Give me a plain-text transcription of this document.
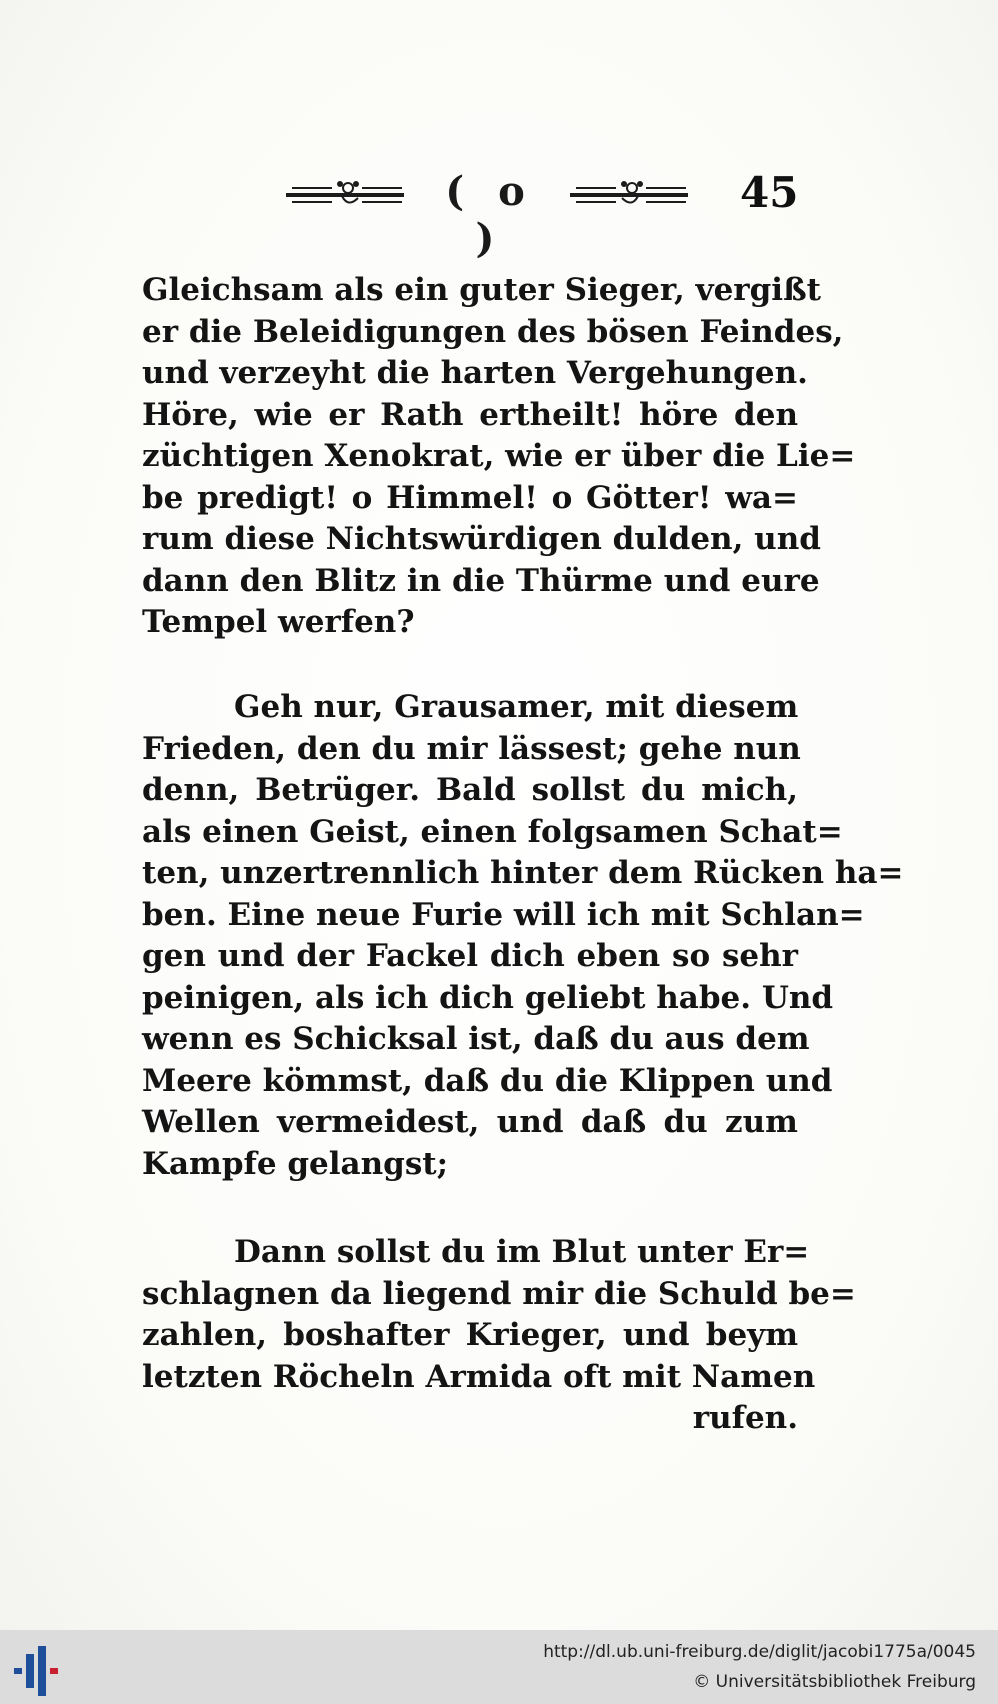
( o )
45
Gleichsam als ein guter Sieger, vergißt
er die Beleidigungen des bösen Feindes,
und verzeyht die harten Vergehungen.
Höre, wie er Rath ertheilt! höre den
züchtigen Xenokrat, wie er über die Lie=
be predigt! o Himmel! o Götter! wa=
rum diese Nichtswürdigen dulden, und
dann den Blitz in die Thürme und eure
Tempel werfen?
Geh nur, Grausamer, mit diesem
Frieden, den du mir lässest; gehe nun
denn, Betrüger. Bald sollst du mich,
als einen Geist, einen folgsamen Schat=
ten, unzertrennlich hinter dem Rücken ha=
ben. Eine neue Furie will ich mit Schlan=
gen und der Fackel dich eben so sehr
peinigen, als ich dich geliebt habe. Und
wenn es Schicksal ist, daß du aus dem
Meere kömmst, daß du die Klippen und
Wellen vermeidest, und daß du zum
Kampfe gelangst;
Dann sollst du im Blut unter Er=
schlagnen da liegend mir die Schuld be=
zahlen, boshafter Krieger, und beym
letzten Röcheln Armida oft mit Namen
rufen.
http://dl.ub.uni-freiburg.de/diglit/jacobi1775a/0045
© Universitätsbibliothek Freiburg
